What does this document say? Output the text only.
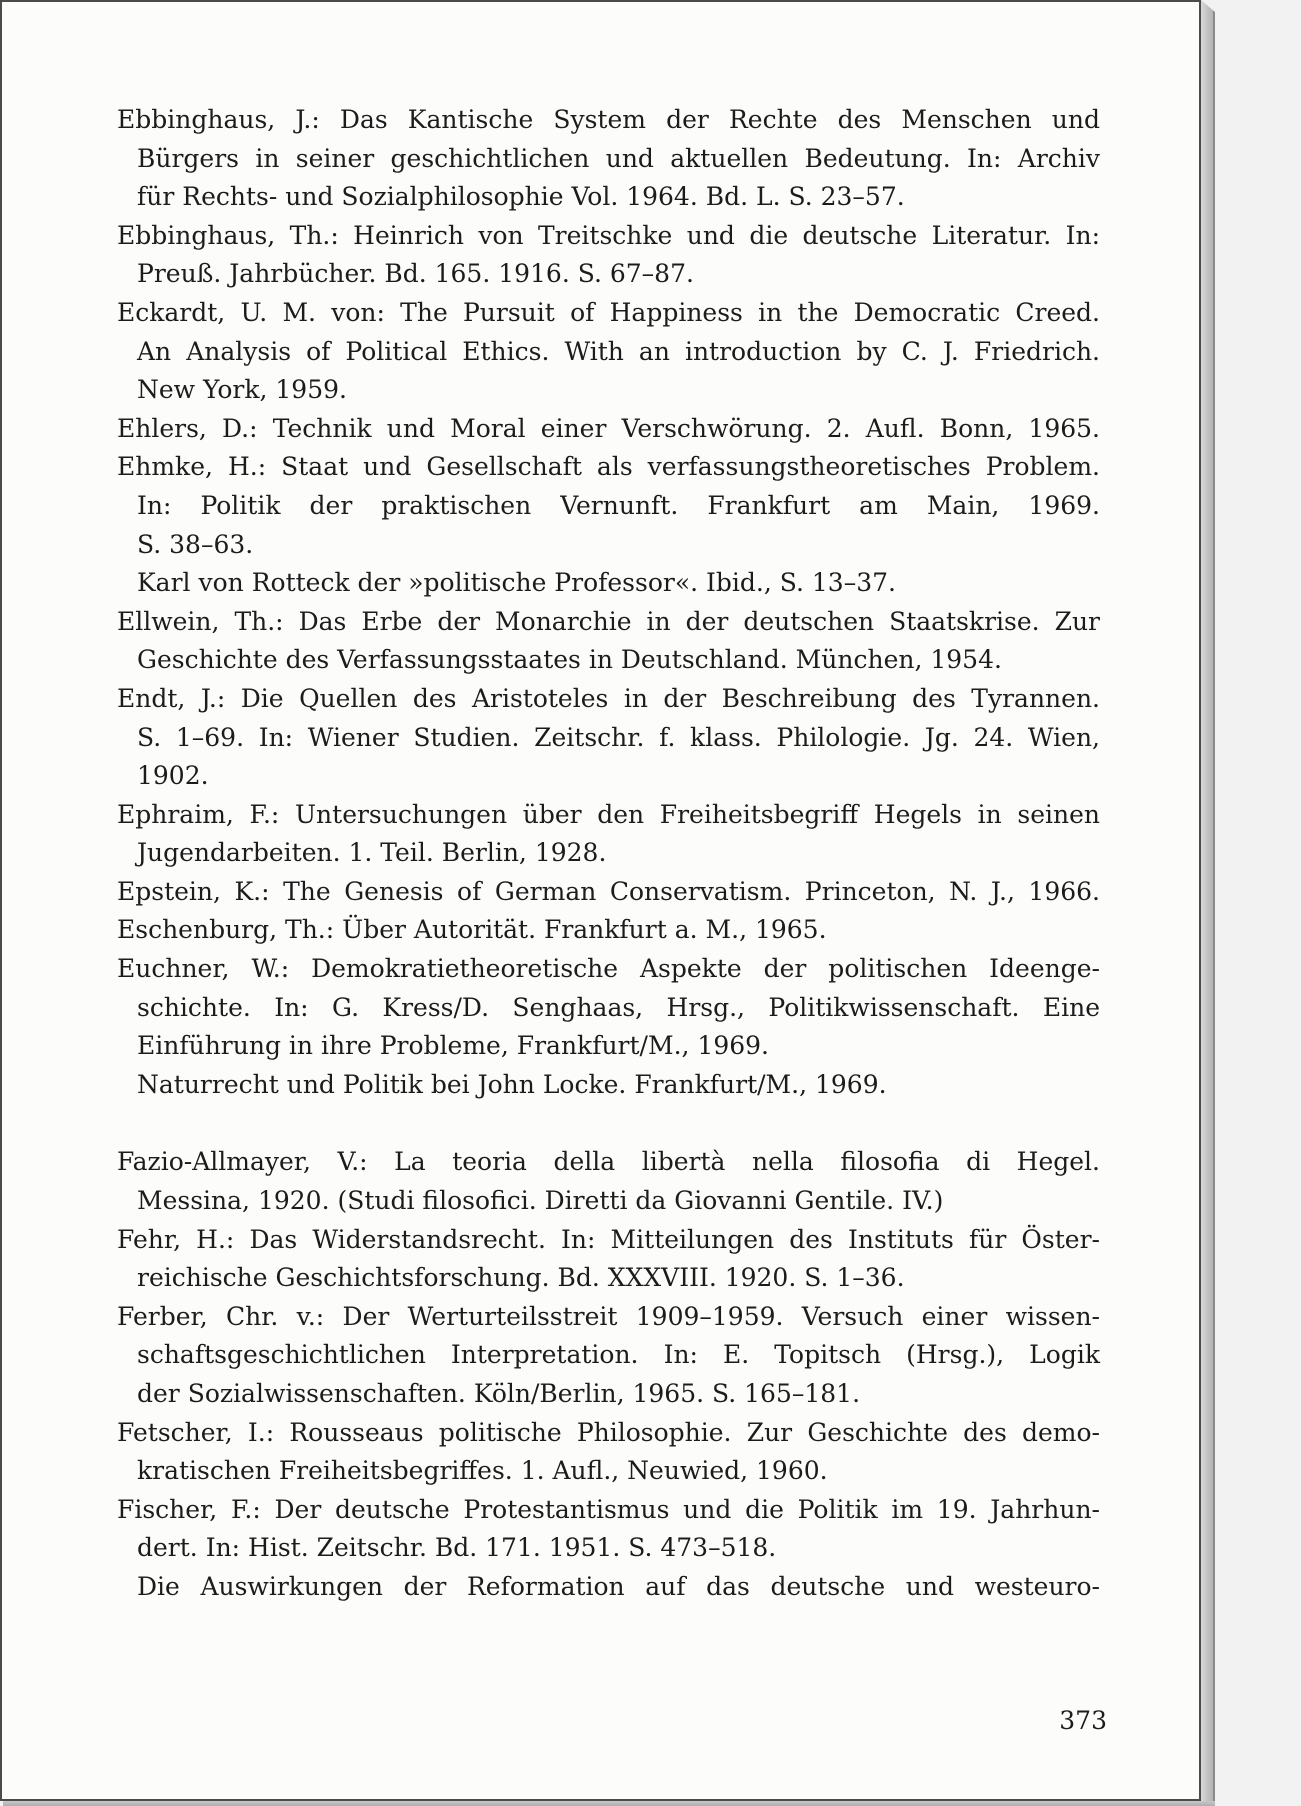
Ebbinghaus, J.: Das Kantische System der Rechte des Menschen und
Bürgers in seiner geschichtlichen und aktuellen Bedeutung. In: Archiv
für Rechts- und Sozialphilosophie Vol. 1964. Bd. L. S. 23–57.
Ebbinghaus, Th.: Heinrich von Treitschke und die deutsche Literatur. In:
Preuß. Jahrbücher. Bd. 165. 1916. S. 67–87.
Eckardt, U. M. von: The Pursuit of Happiness in the Democratic Creed.
An Analysis of Political Ethics. With an introduction by C. J. Friedrich.
New York, 1959.
Ehlers, D.: Technik und Moral einer Verschwörung. 2. Aufl. Bonn, 1965.
Ehmke, H.: Staat und Gesellschaft als verfassungstheoretisches Problem.
In: Politik der praktischen Vernunft. Frankfurt am Main, 1969.
S. 38–63.
Karl von Rotteck der »politische Professor«. Ibid., S. 13–37.
Ellwein, Th.: Das Erbe der Monarchie in der deutschen Staatskrise. Zur
Geschichte des Verfassungsstaates in Deutschland. München, 1954.
Endt, J.: Die Quellen des Aristoteles in der Beschreibung des Tyrannen.
S. 1–69. In: Wiener Studien. Zeitschr. f. klass. Philologie. Jg. 24. Wien,
1902.
Ephraim, F.: Untersuchungen über den Freiheitsbegriff Hegels in seinen
Jugendarbeiten. 1. Teil. Berlin, 1928.
Epstein, K.: The Genesis of German Conservatism. Princeton, N. J., 1966.
Eschenburg, Th.: Über Autorität. Frankfurt a. M., 1965.
Euchner, W.: Demokratietheoretische Aspekte der politischen Ideenge-
schichte. In: G. Kress/D. Senghaas, Hrsg., Politikwissenschaft. Eine
Einführung in ihre Probleme, Frankfurt/M., 1969.
Naturrecht und Politik bei John Locke. Frankfurt/M., 1969.
Fazio-Allmayer, V.: La teoria della libertà nella filosofia di Hegel.
Messina, 1920. (Studi filosofici. Diretti da Giovanni Gentile. IV.)
Fehr, H.: Das Widerstandsrecht. In: Mitteilungen des Instituts für Öster-
reichische Geschichtsforschung. Bd. XXXVIII. 1920. S. 1–36.
Ferber, Chr. v.: Der Werturteilsstreit 1909–1959. Versuch einer wissen-
schaftsgeschichtlichen Interpretation. In: E. Topitsch (Hrsg.), Logik
der Sozialwissenschaften. Köln/Berlin, 1965. S. 165–181.
Fetscher, I.: Rousseaus politische Philosophie. Zur Geschichte des demo-
kratischen Freiheitsbegriffes. 1. Aufl., Neuwied, 1960.
Fischer, F.: Der deutsche Protestantismus und die Politik im 19. Jahrhun-
dert. In: Hist. Zeitschr. Bd. 171. 1951. S. 473–518.
Die Auswirkungen der Reformation auf das deutsche und westeuro-
373
